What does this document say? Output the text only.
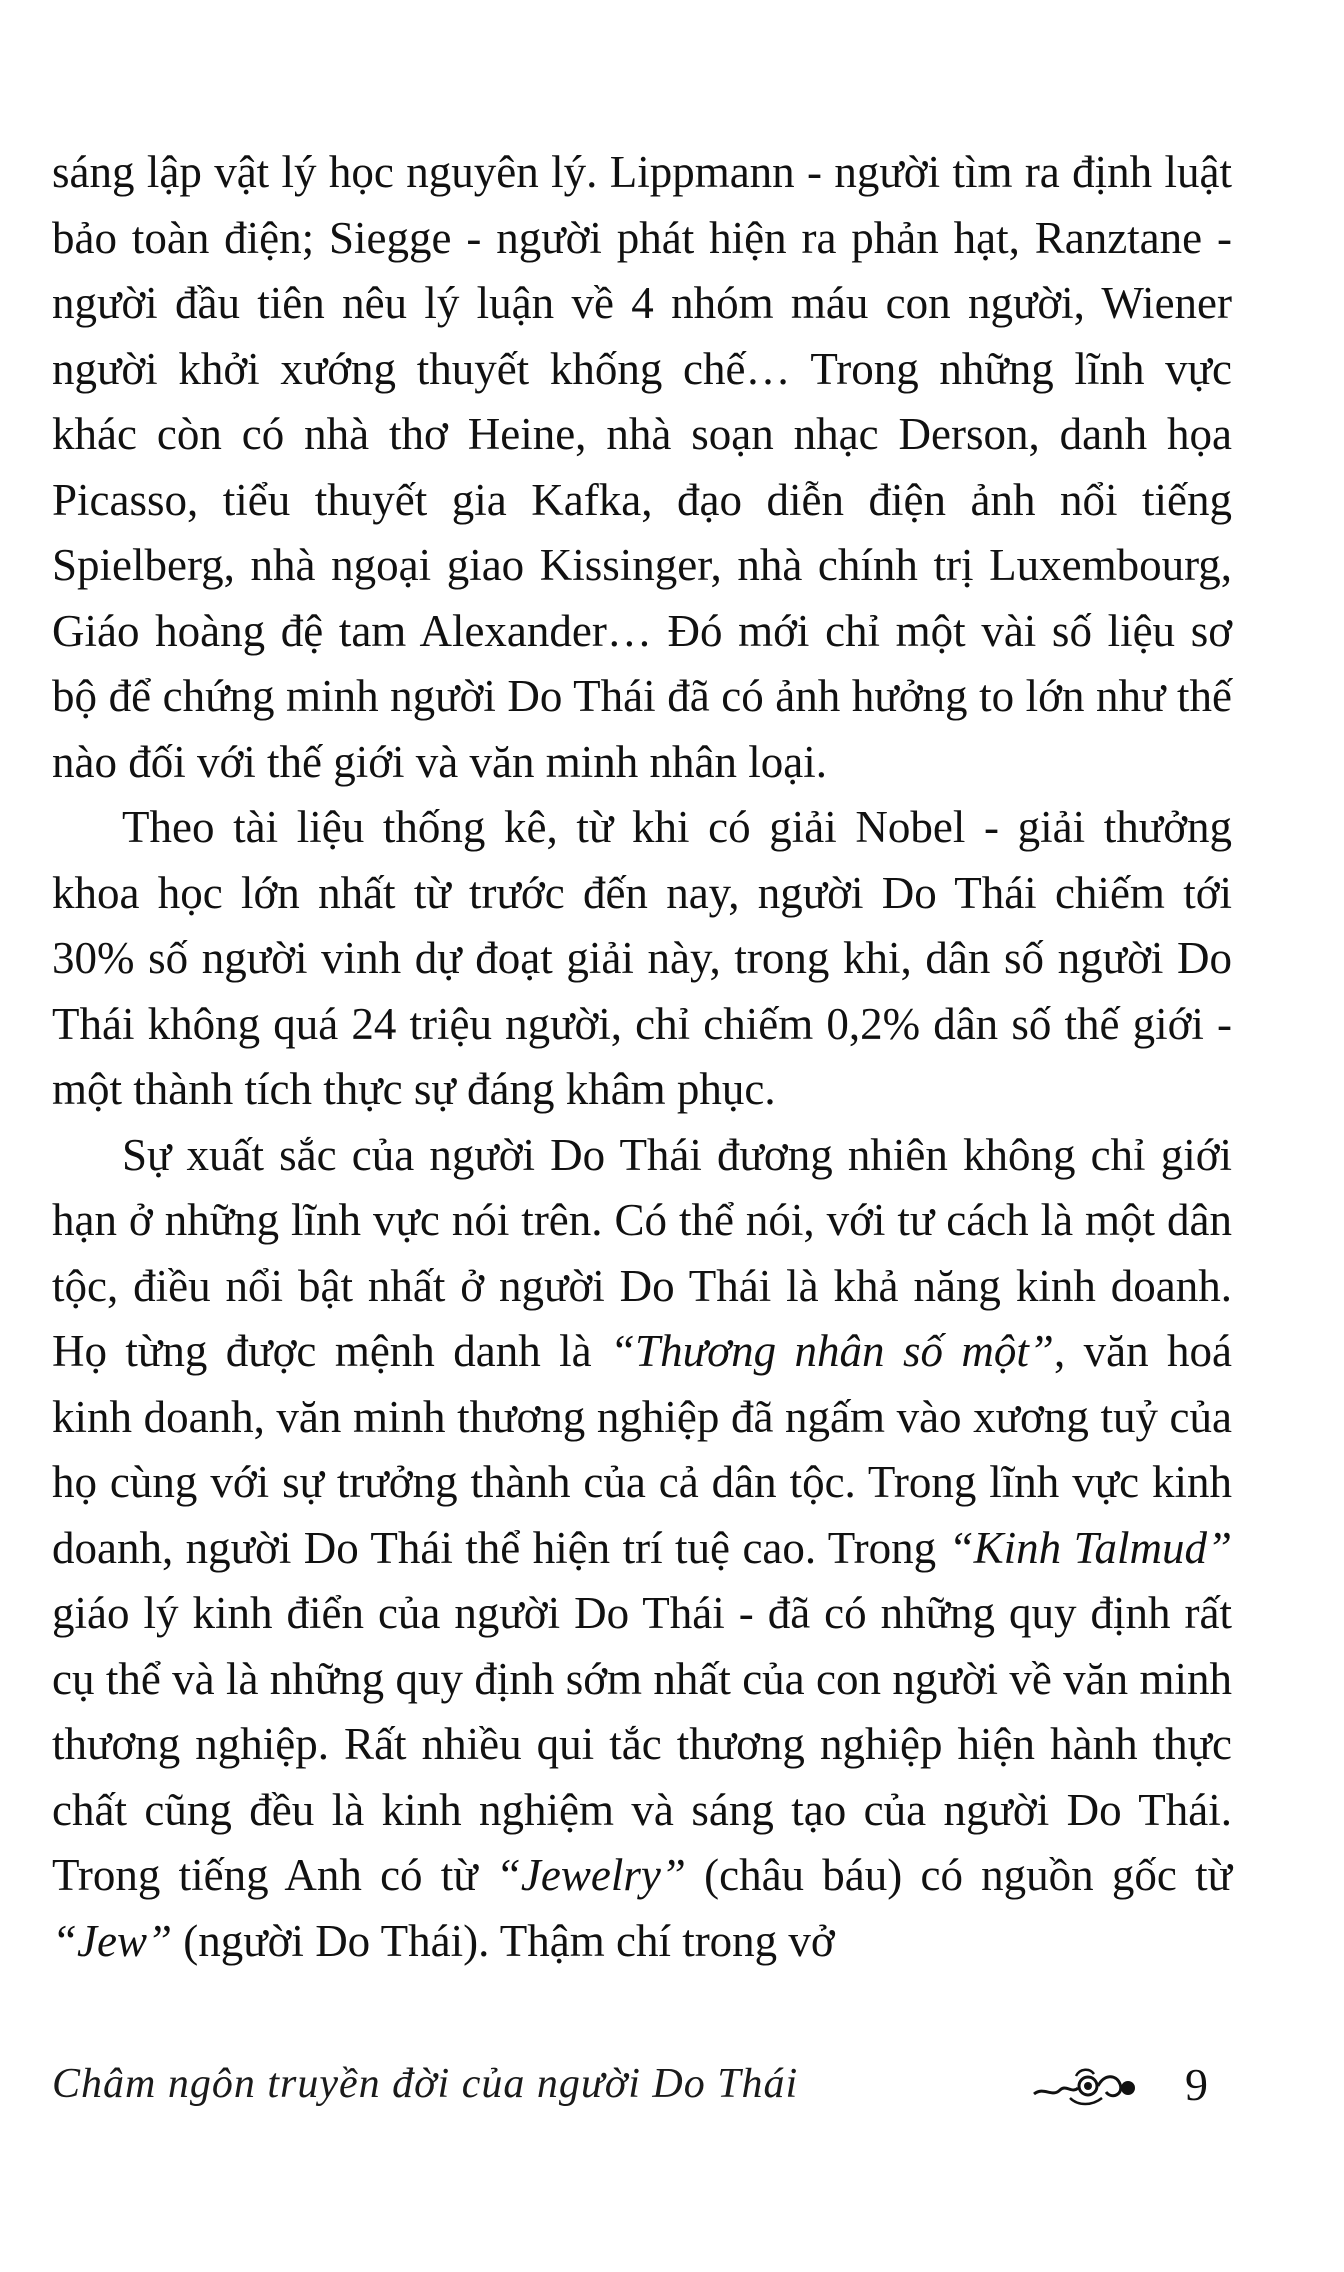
sáng lập vật lý học nguyên lý. Lippmann - người tìm ra định luật bảo toàn điện; Siegge - người phát hiện ra phản hạt, Ranztane - người đầu tiên nêu lý luận về 4 nhóm máu con người, Wiener người khởi xướng thuyết khống chế… Trong những lĩnh vực khác còn có nhà thơ Heine, nhà soạn nhạc Derson, danh họa Picasso, tiểu thuyết gia Kafka, đạo diễn điện ảnh nổi tiếng Spielberg, nhà ngoại giao Kissinger, nhà chính trị Luxembourg, Giáo hoàng đệ tam Alexander… Đó mới chỉ một vài số liệu sơ bộ để chứng minh người Do Thái đã có ảnh hưởng to lớn như thế nào đối với thế giới và văn minh nhân loại.

Theo tài liệu thống kê, từ khi có giải Nobel - giải thưởng khoa học lớn nhất từ trước đến nay, người Do Thái chiếm tới 30% số người vinh dự đoạt giải này, trong khi, dân số người Do Thái không quá 24 triệu người, chỉ chiếm 0,2% dân số thế giới - một thành tích thực sự đáng khâm phục.

Sự xuất sắc của người Do Thái đương nhiên không chỉ giới hạn ở những lĩnh vực nói trên. Có thể nói, với tư cách là một dân tộc, điều nổi bật nhất ở người Do Thái là khả năng kinh doanh. Họ từng được mệnh danh là “Thương nhân số một”, văn hoá kinh doanh, văn minh thương nghiệp đã ngấm vào xương tuỷ của họ cùng với sự trưởng thành của cả dân tộc. Trong lĩnh vực kinh doanh, người Do Thái thể hiện trí tuệ cao. Trong “Kinh Talmud” giáo lý kinh điển của người Do Thái - đã có những quy định rất cụ thể và là những quy định sớm nhất của con người về văn minh thương nghiệp. Rất nhiều qui tắc thương nghiệp hiện hành thực chất cũng đều là kinh nghiệm và sáng tạo của người Do Thái. Trong tiếng Anh có từ “Jewelry” (châu báu) có nguồn gốc từ “Jew” (người Do Thái). Thậm chí trong vở

Châm ngôn truyền đời của người Do Thái	9
